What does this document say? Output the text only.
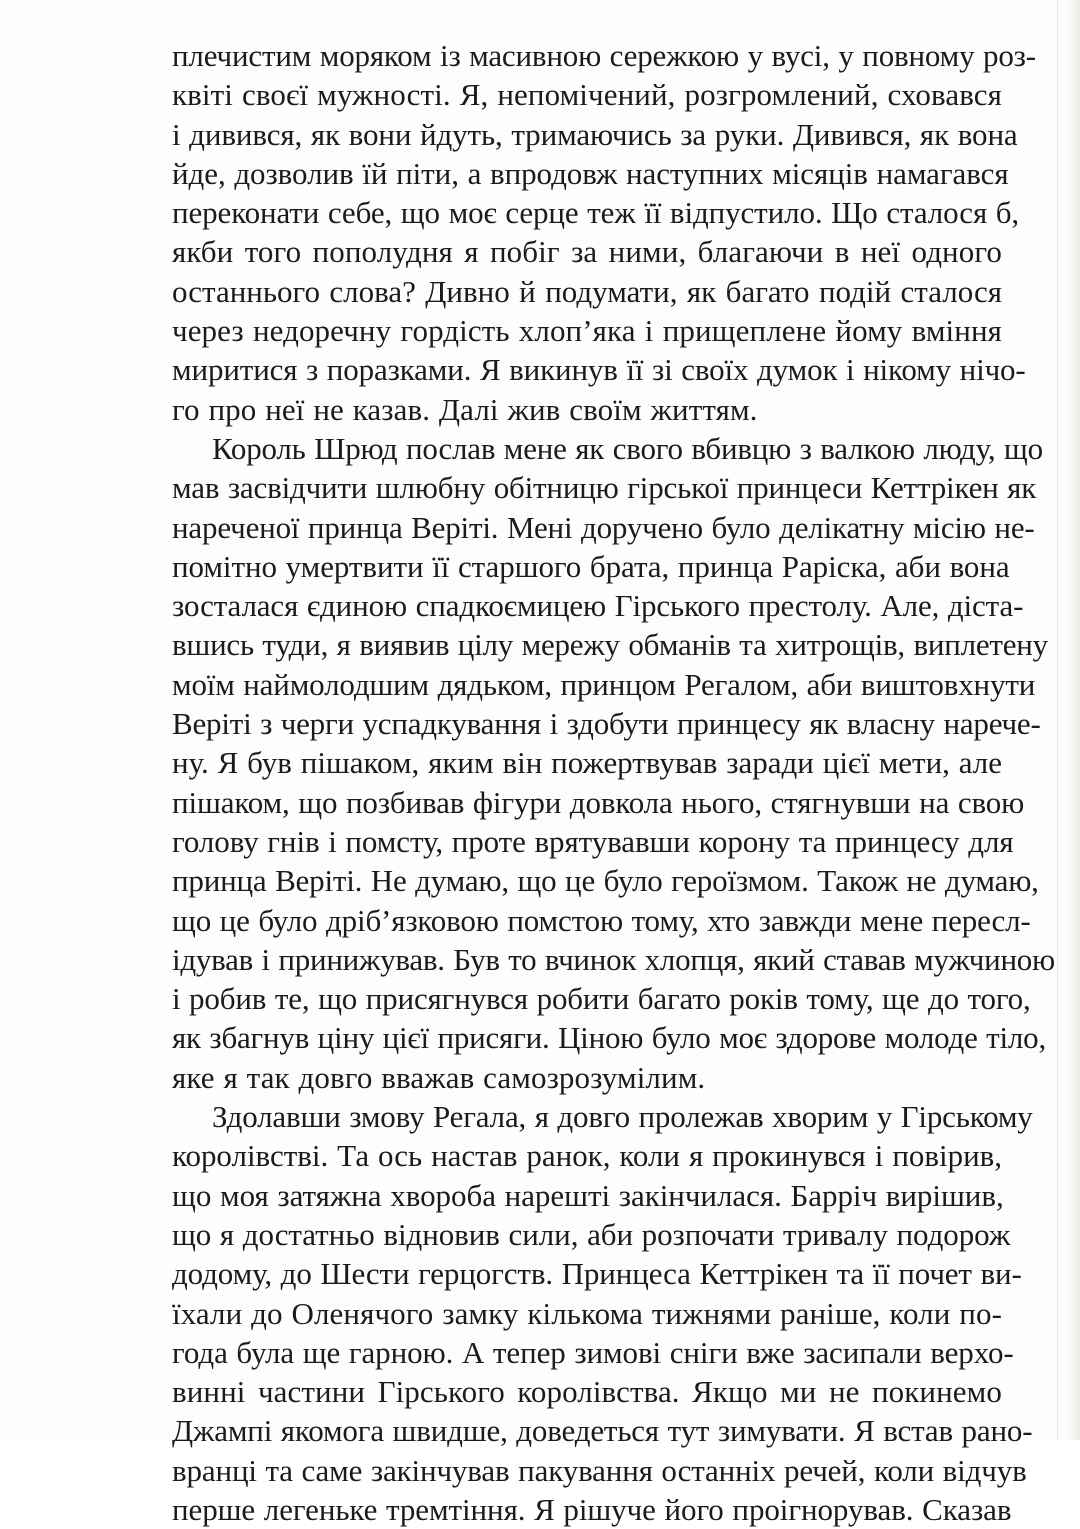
плечистим моряком із масивною сережкою у вусі, у повному роз-
квіті своєї мужності. Я, непомічений, розгромлений, сховався
і дивився, як вони йдуть, тримаючись за руки. Дивився, як вона
йде, дозволив їй піти, а впродовж наступних місяців намагався
переконати себе, що моє серце теж її відпустило. Що сталося б,
якби того пополудня я побіг за ними, благаючи в неї одного
останнього слова? Дивно й подумати, як багато подій сталося
через недоречну гордість хлоп’яка і прищеплене йому вміння
миритися з поразками. Я викинув її зі своїх думок і нікому нічо-
го про неї не казав. Далі жив своїм життям.
Король Шрюд послав мене як свого вбивцю з валкою люду, що
мав засвідчити шлюбну обітницю гірської принцеси Кеттрікен як
нареченої принца Веріті. Мені доручено було делікатну місію не-
помітно умертвити її старшого брата, принца Раріска, аби вона
зосталася єдиною спадкоємицею Гірського престолу. Але, діста-
вшись туди, я виявив цілу мережу обманів та хитрощів, виплетену
моїм наймолодшим дядьком, принцом Регалом, аби виштовхнути
Веріті з черги успадкування і здобути принцесу як власну нарече-
ну. Я був пішаком, яким він пожертвував заради цієї мети, але
пішаком, що позбивав фігури довкола нього, стягнувши на свою
голову гнів і помсту, проте врятувавши корону та принцесу для
принца Веріті. Не думаю, що це було героїзмом. Також не думаю,
що це було дріб’язковою помстою тому, хто завжди мене пересл-
ідував і принижував. Був то вчинок хлопця, який ставав мужчиною
і робив те, що присягнувся робити багато років тому, ще до того,
як збагнув ціну цієї присяги. Ціною було моє здорове молоде тіло,
яке я так довго вважав самозрозумілим.
Здолавши змову Регала, я довго пролежав хворим у Гірському
королівстві. Та ось настав ранок, коли я прокинувся і повірив,
що моя затяжна хвороба нарешті закінчилася. Барріч вирішив,
що я достатньо відновив сили, аби розпочати тривалу подорож
додому, до Шести герцогств. Принцеса Кеттрікен та її почет ви-
їхали до Оленячого замку кількома тижнями раніше, коли по-
года була ще гарною. А тепер зимові сніги вже засипали верхо-
винні частини Гірського королівства. Якщо ми не покинемо
Джампі якомога швидше, доведеться тут зимувати. Я встав рано-
вранці та саме закінчував пакування останніх речей, коли відчув
перше легеньке тремтіння. Я рішуче його проігнорував. Сказав
